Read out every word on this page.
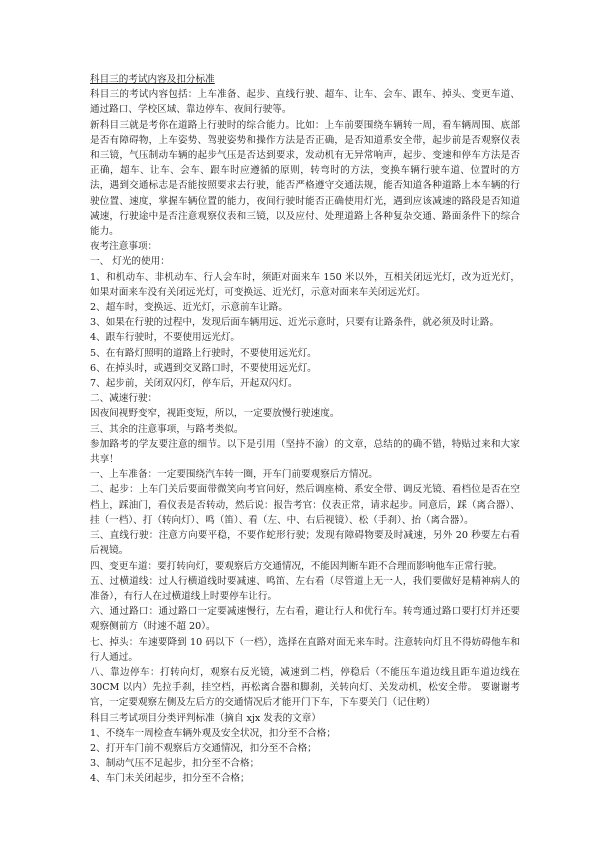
科目三的考试内容及扣分标准

科目三的考试内容包括：上车准备、起步、直线行驶、超车、让车、会车、跟车、掉头、变更车道、通过路口、学校区域、靠边停车、夜间行驶等。

新科目三就是考你在道路上行驶时的综合能力。比如：上车前要围绕车辆转一周，看车辆周围、底部是否有障碍物，上车姿势、驾驶姿势和操作方法是否正确，是否知道系安全带，起步前是否观察仪表和三镜，气压制动车辆的起步气压是否达到要求，发动机有无异常响声，起步、变速和停车方法是否正确，超车、让车、会车、跟车时应遵循的原则，转弯时的方法，变换车辆行驶车道、位置时的方法，遇到交通标志是否能按照要求去行驶，能否严格遵守交通法规，能否知道各种道路上本车辆的行驶位置、速度，掌握车辆位置的能力，夜间行驶时能否正确使用灯光，遇到应该减速的路段是否知道减速，行驶途中是否注意观察仪表和三镜，以及应付、处理道路上各种复杂交通、路面条件下的综合能力。

夜考注意事项：

一、 灯光的使用：

1、和机动车、非机动车、行人会车时，须距对面来车 150 米以外，互相关闭远光灯，改为近光灯，如果对面来车没有关闭远光灯，可变换远、近光灯，示意对面来车关闭远光灯。

2、超车时，变换远、近光灯，示意前车让路。

3、如果在行驶的过程中，发现后面车辆用远、近光示意时，只要有让路条件，就必须及时让路。

4、跟车行驶时，不要使用远光灯。

5、在有路灯照明的道路上行驶时，不要使用远光灯。

6、在掉头时，或遇到交叉路口时，不要使用远光灯。

7、起步前，关闭双闪灯，停车后，开起双闪灯。

二、减速行驶：

因夜间视野变窄，视距变短，所以，一定要放慢行驶速度。

三、其余的注意事项，与路考类似。

参加路考的学友要注意的细节。以下是引用（坚持不渝）的文章，总结的的确不错，特贴过来和大家共享！

一、上车准备：一定要围绕汽车转一圈，开车门前要观察后方情况。

二、起步：上车门关后要面带微笑向考官问好，然后调座椅、系安全带、调反光镜、看档位是否在空档上，踩油门，看仪表是否转动，然后说：报告考官：仪表正常，请求起步。同意后，踩（离合器）、挂（一档）、打（转向灯）、鸣（笛）、看（左、中、右后视镜）、松（手刹）、抬（离合器）。

三、直线行驶：注意方向要平稳，不要作蛇形行驶；发现有障碍物要及时减速，另外 20 秒要左右看后视镜。

四、变更车道：要打转向灯，要观察后方交通情况，不能因判断车距不合理而影响他车正常行驶。

五、过横道线：过人行横道线时要减速、鸣笛、左右看（尽管道上无一人，我们要做好是精神病人的准备），有行人在过横道线上时要停车让行。

六、通过路口：通过路口一定要减速慢行，左右看，避让行人和优行车。转弯通过路口要打灯并还要观察侧前方（时速不超 20）。

七、掉头：车速要降到 10 码以下（一档），选择在直路对面无来车时。注意转向灯且不得妨碍他车和行人通过。

八、靠边停车：打转向灯，观察右反光镜，减速到二档，停稳后（不能压车道边线且距车道边线在 30CM 以内）先拉手刹，挂空档，再松离合器和脚刹，关转向灯、关发动机，松安全带。 要谢谢考官，一定要观察左侧及左后方的交通情况后才能开门下车，下车要关门（记住哟）

科目三考试项目分类评判标准（摘自 xjx 发表的文章）

1、不绕车一周检查车辆外观及安全状况，扣分至不合格；

2、打开车门前不观察后方交通情况，扣分至不合格；

3、制动气压不足起步，扣分至不合格；

4、车门未关闭起步，扣分至不合格；
